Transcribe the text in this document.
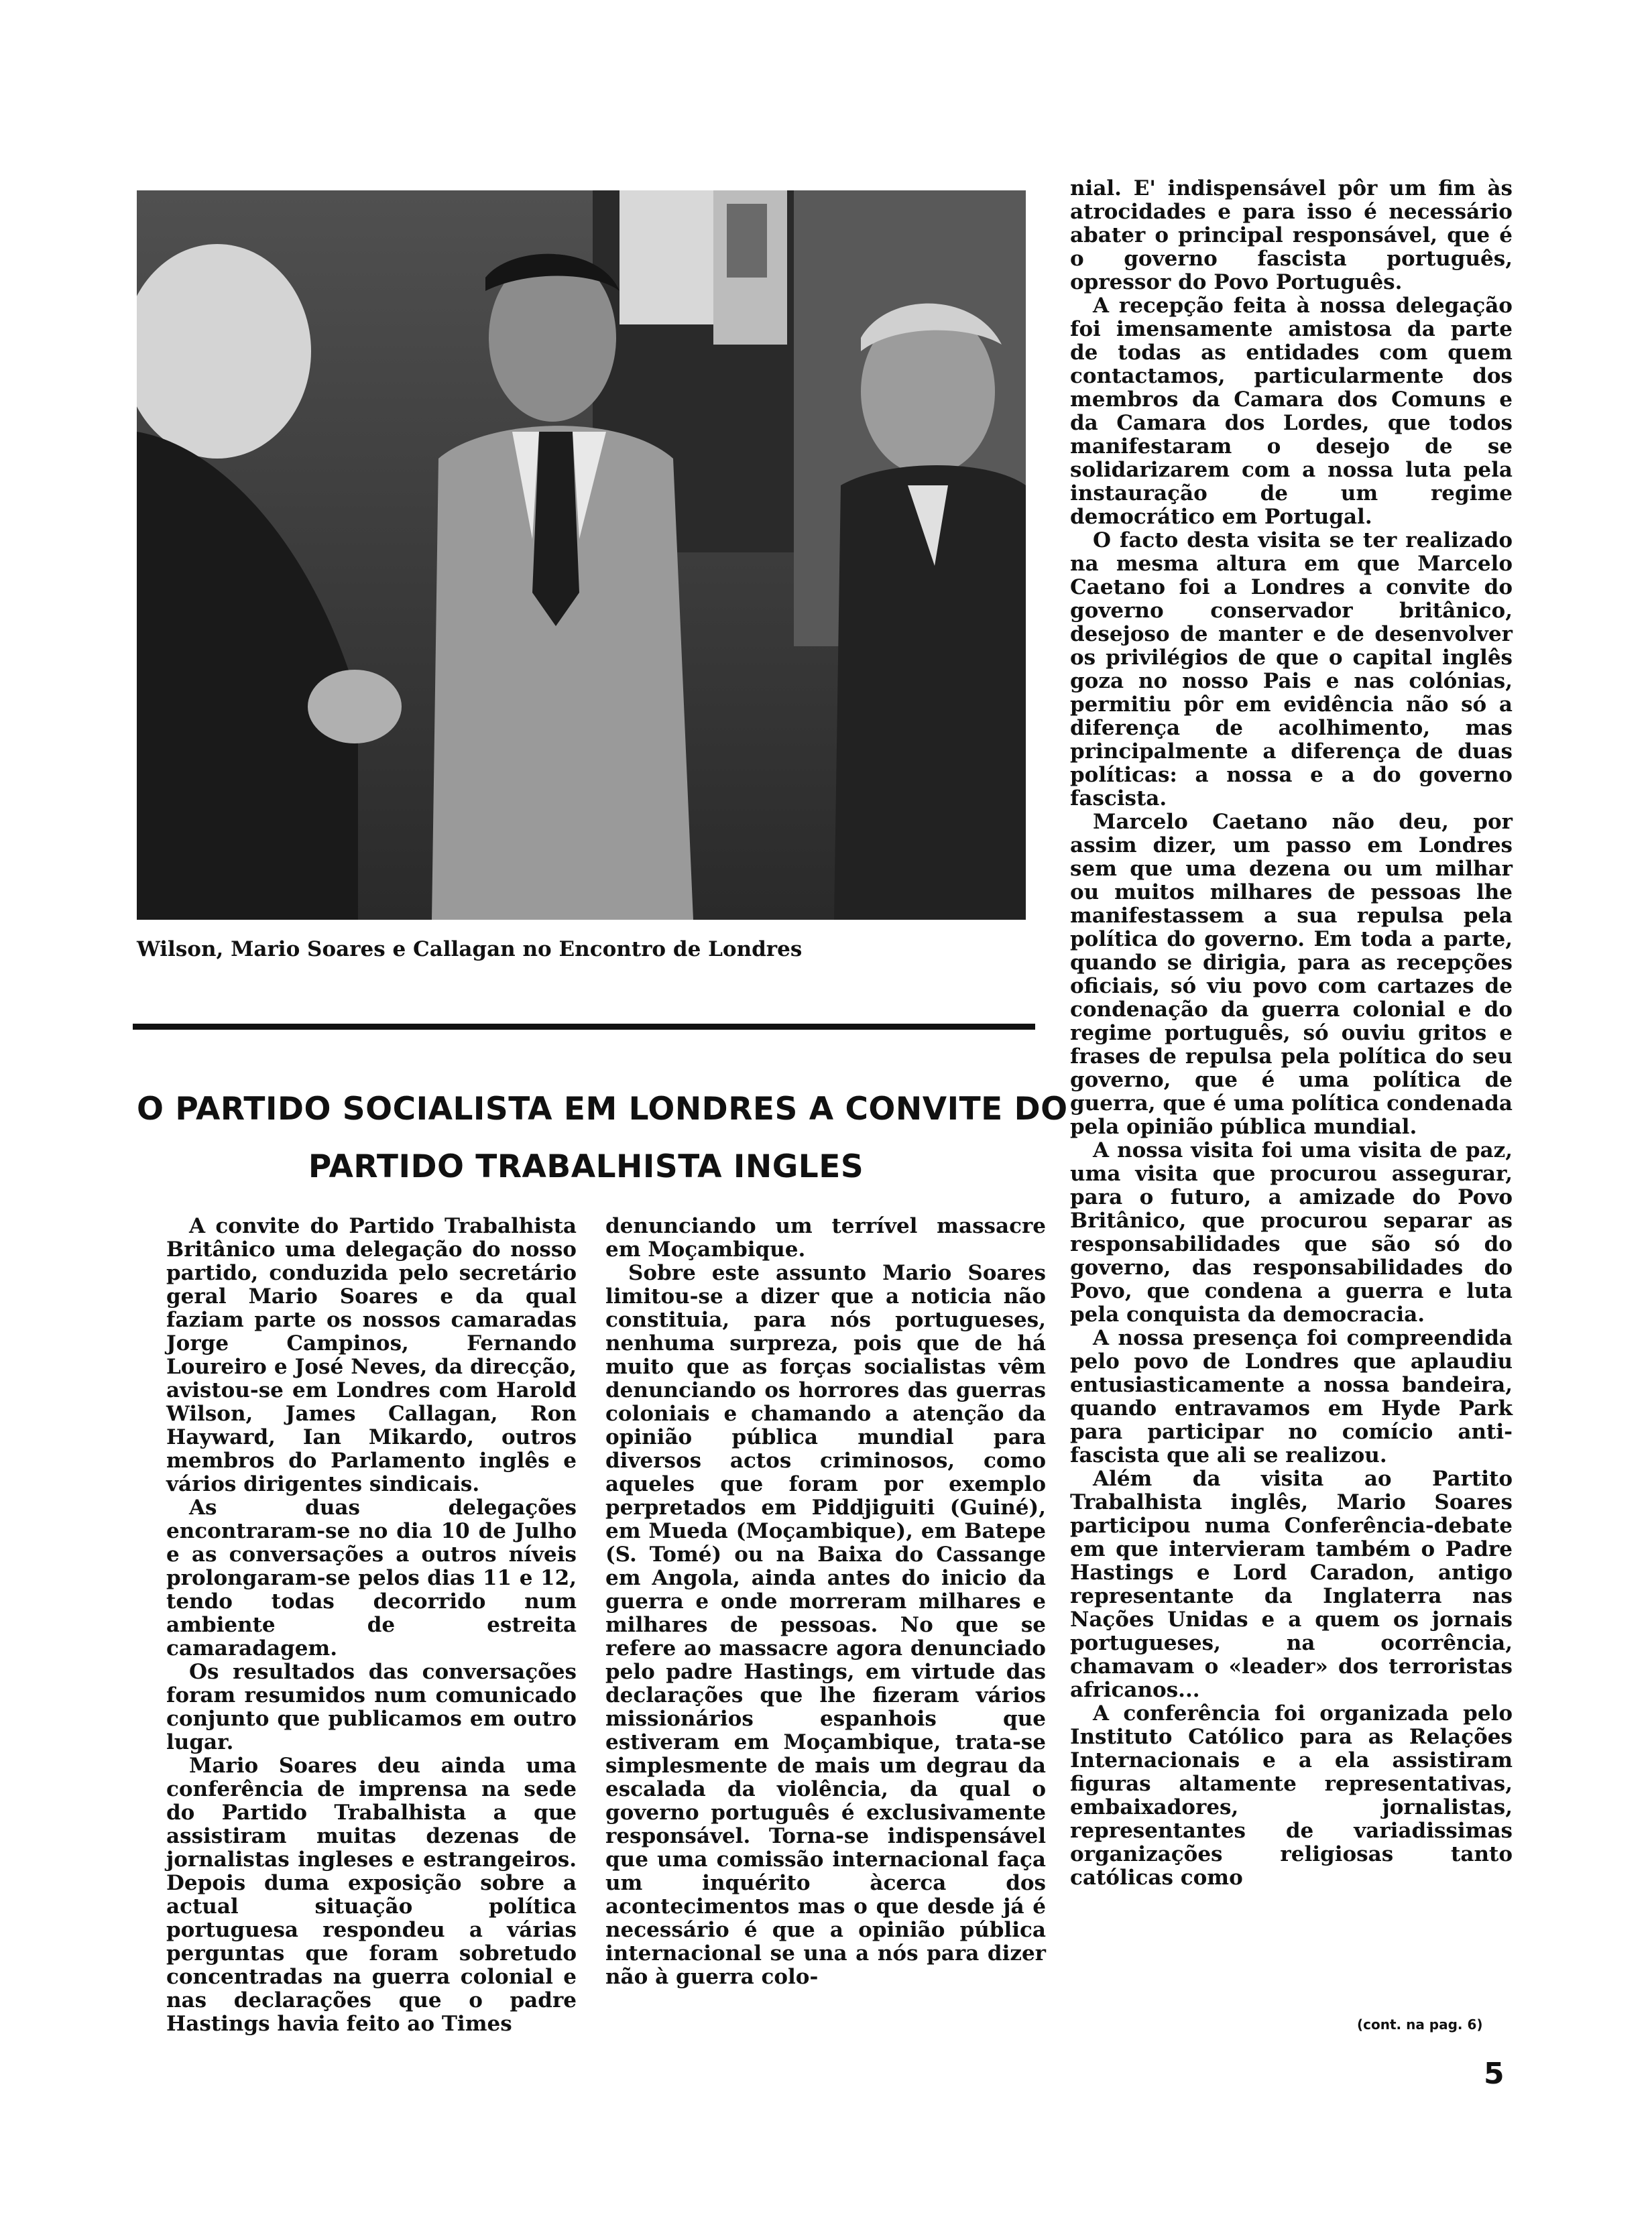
Wilson, Mario Soares e Callagan no Encontro de Londres
O PARTIDO SOCIALISTA EM LONDRES A CONVITE DO
PARTIDO TRABALHISTA INGLES

A convite do Partido Trabalhista Britânico uma delegação do nosso partido, conduzida pelo secretário geral Mario Soares e da qual faziam parte os nossos camaradas Jorge Campinos, Fernando Loureiro e José Neves, da direcção, avistou-se em Londres com Harold Wilson, James Callagan, Ron Hayward, Ian Mikardo, outros membros do Parlamento inglês e vários dirigentes sindicais.

As duas delegações encontraram-se no dia 10 de Julho e as conversações a outros níveis prolongaram-se pelos dias 11 e 12, tendo todas decorrido num ambiente de estreita camaradagem.

Os resultados das conversações foram resumidos num comunicado conjunto que publicamos em outro lugar.

Mario Soares deu ainda uma conferência de imprensa na sede do Partido Trabalhista a que assistiram muitas dezenas de jornalistas ingleses e estrangeiros. Depois duma exposição sobre a actual situação política portuguesa respondeu a várias perguntas que foram sobretudo concentradas na guerra colonial e nas declarações que o padre Hastings havia feito ao Times

denunciando um terrível massacre em Moçambique.

Sobre este assunto Mario Soares limitou-se a dizer que a noticia não constituia, para nós portugueses, nenhuma surpreza, pois que de há muito que as forças socialistas vêm denunciando os horrores das guerras coloniais e chamando a atenção da opinião pública mundial para diversos actos criminosos, como aqueles que foram por exemplo perpretados em Piddjiguiti (Guiné), em Mueda (Moçambique), em Batepe (S. Tomé) ou na Baixa do Cassange em Angola, ainda antes do inicio da guerra e onde morreram milhares e milhares de pessoas. No que se refere ao massacre agora denunciado pelo padre Hastings, em virtude das declarações que lhe fizeram vários missionários espanhois que estiveram em Moçambique, trata-se simplesmente de mais um degrau da escalada da violência, da qual o governo português é exclusivamente responsável. Torna-se indispensável que uma comissão internacional faça um inquérito àcerca dos acontecimentos mas o que desde já é necessário é que a opinião pública internacional se una a nós para dizer não à guerra colo-

nial. E' indispensável pôr um fim às atrocidades e para isso é necessário abater o principal responsável, que é o governo fascista português, opressor do Povo Português.

A recepção feita à nossa delegação foi imensamente amistosa da parte de todas as entidades com quem contactamos, particularmente dos membros da Camara dos Comuns e da Camara dos Lordes, que todos manifestaram o desejo de se solidarizarem com a nossa luta pela instauração de um regime democrático em Portugal.

O facto desta visita se ter realizado na mesma altura em que Marcelo Caetano foi a Londres a convite do governo conservador britânico, desejoso de manter e de desenvolver os privilégios de que o capital inglês goza no nosso Pais e nas colónias, permitiu pôr em evidência não só a diferença de acolhimento, mas principalmente a diferença de duas políticas: a nossa e a do governo fascista.

Marcelo Caetano não deu, por assim dizer, um passo em Londres sem que uma dezena ou um milhar ou muitos milhares de pessoas lhe manifestassem a sua repulsa pela política do governo. Em toda a parte, quando se dirigia, para as recepções oficiais, só viu povo com cartazes de condenação da guerra colonial e do regime português, só ouviu gritos e frases de repulsa pela política do seu governo, que é uma política de guerra, que é uma política condenada pela opinião pública mundial.

A nossa visita foi uma visita de paz, uma visita que procurou assegurar, para o futuro, a amizade do Povo Britânico, que procurou separar as responsabilidades que são só do governo, das responsabilidades do Povo, que condena a guerra e luta pela conquista da democracia.

A nossa presença foi compreendida pelo povo de Londres que aplaudiu entusiasticamente a nossa bandeira, quando entravamos em Hyde Park para participar no comício anti-fascista que ali se realizou.

Além da visita ao Partito Trabalhista inglês, Mario Soares participou numa Conferência-debate em que intervieram também o Padre Hastings e Lord Caradon, antigo representante da Inglaterra nas Nações Unidas e a quem os jornais portugueses, na ocorrência, chamavam o «leader» dos terroristas africanos...

A conferência foi organizada pelo Instituto Católico para as Relações Internacionais e a ela assistiram figuras altamente representativas, embaixadores, jornalistas, representantes de variadissimas organizações religiosas tanto católicas como

(cont. na pag. 6)
5
